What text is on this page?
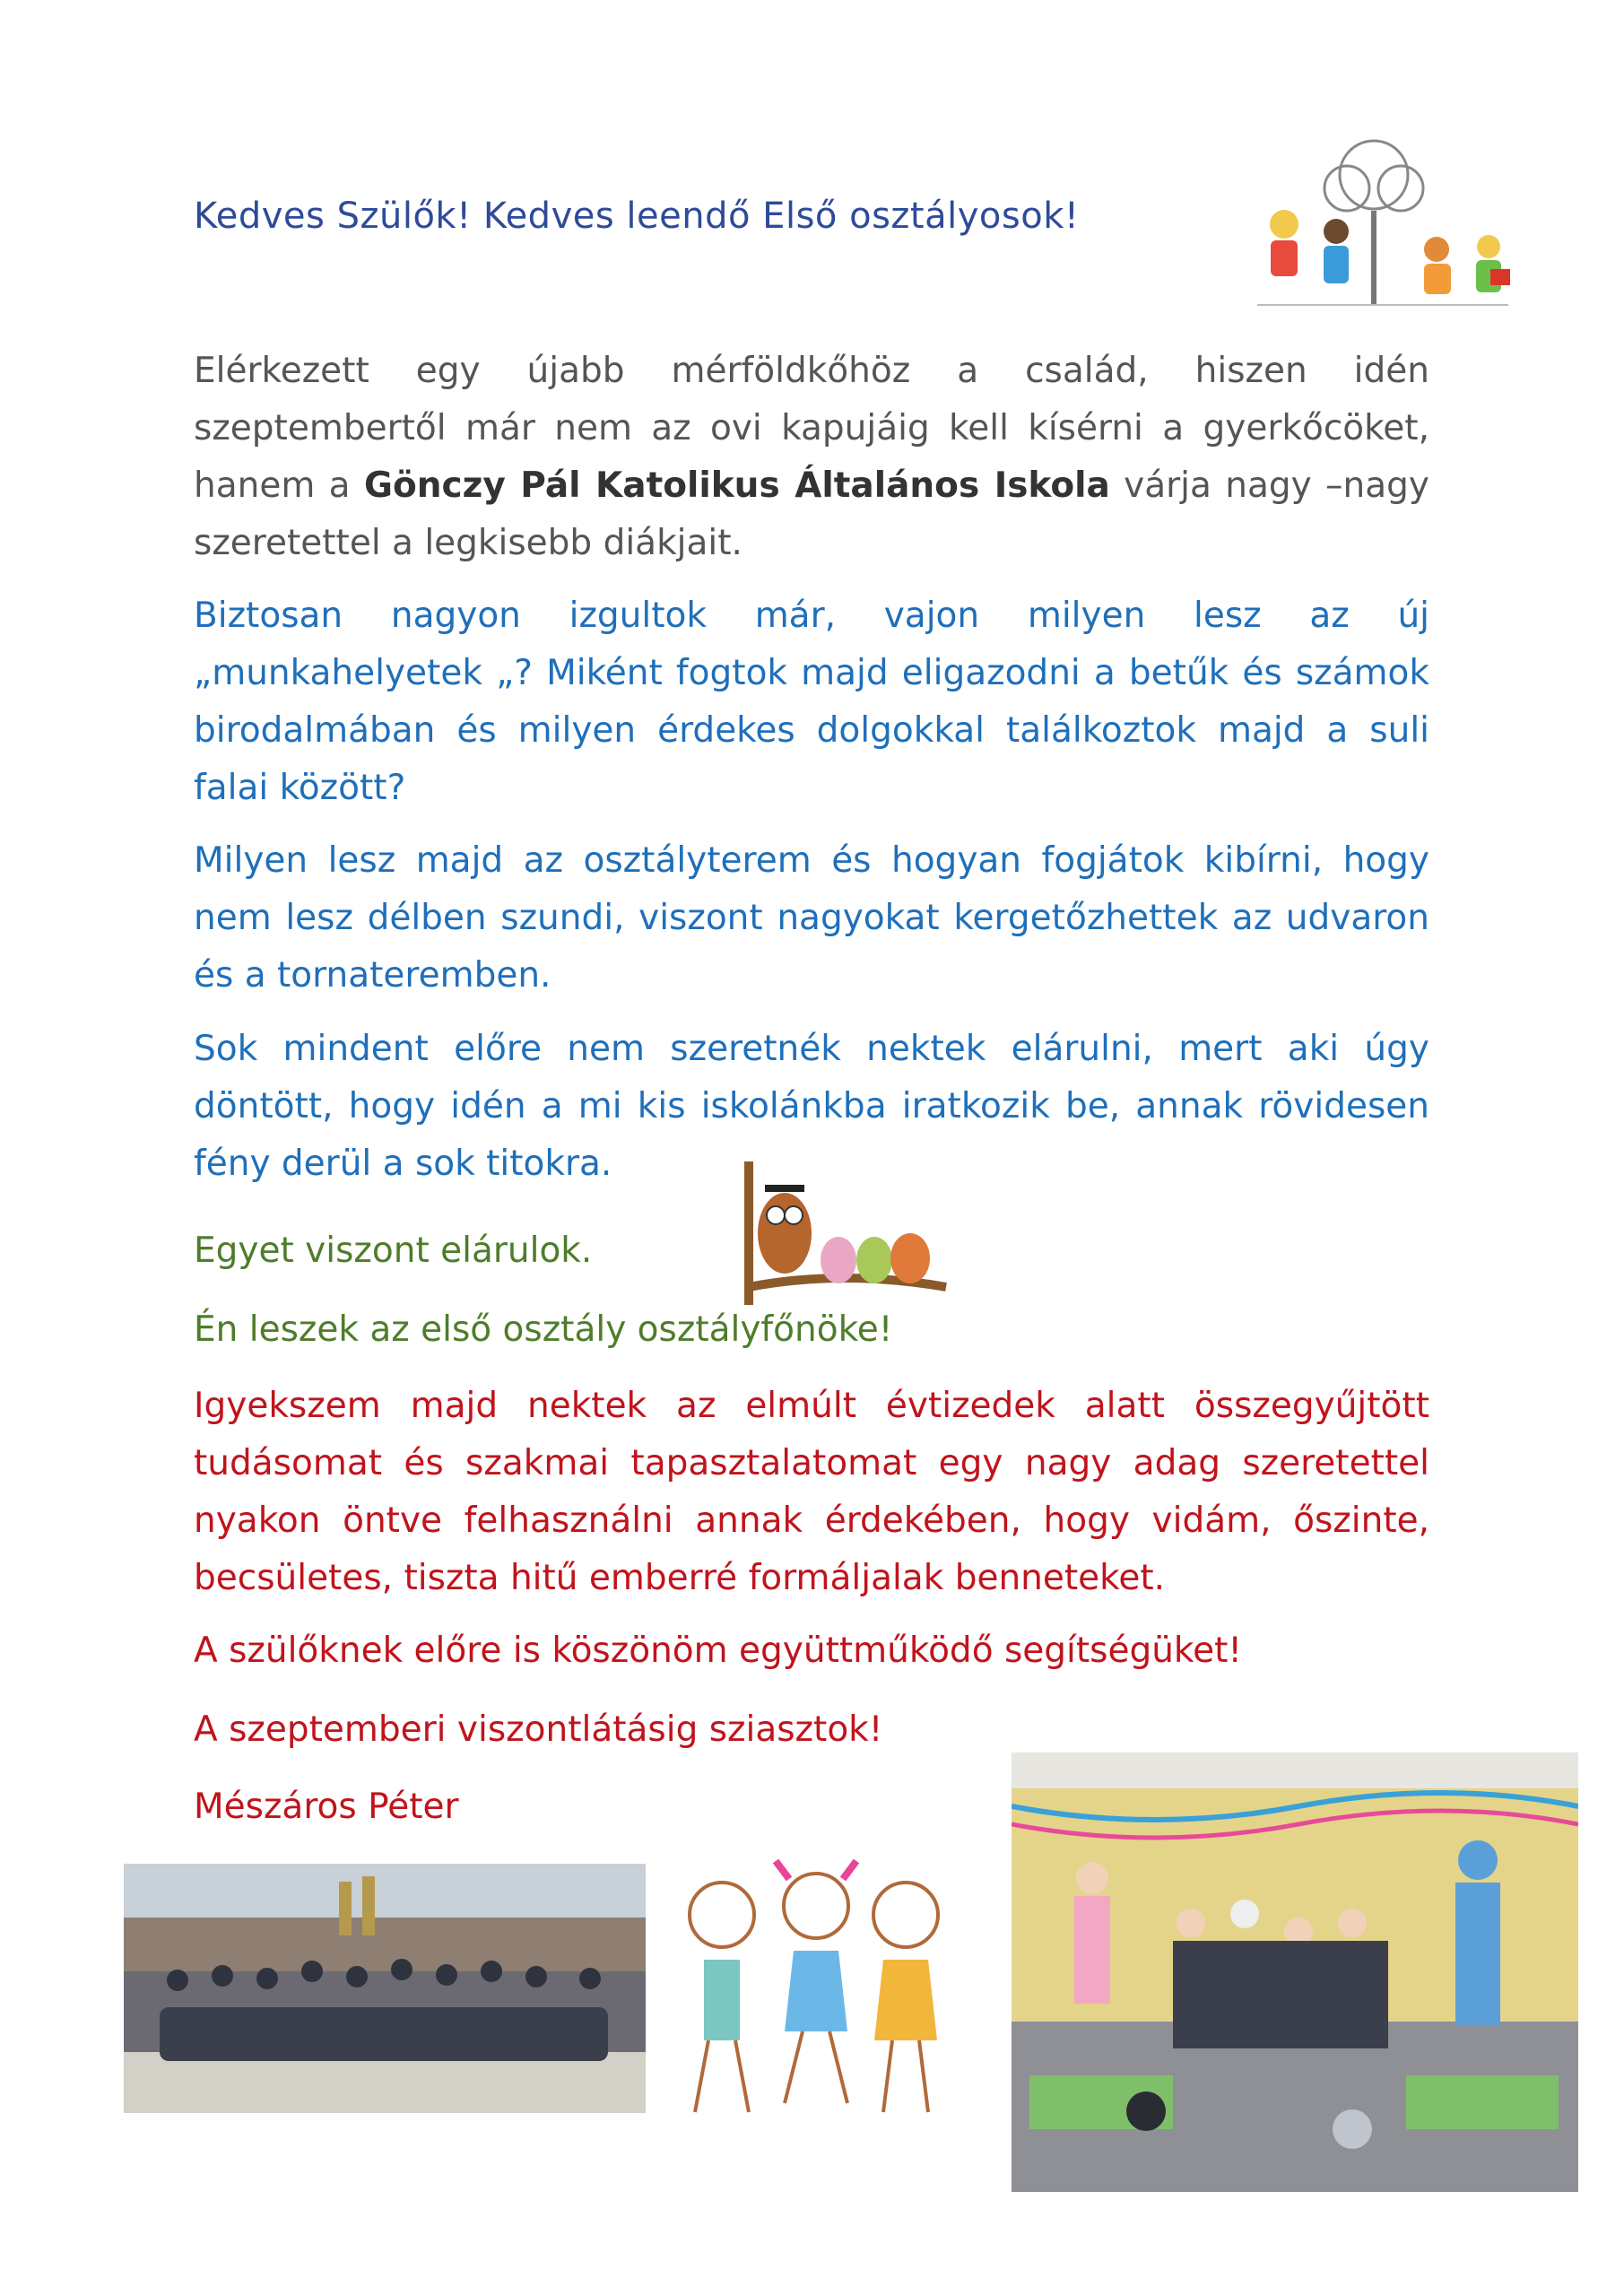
Kedves Szülők! Kedves leendő Első osztályosok!

Elérkezett egy újabb mérföldkőhöz a család, hiszen idén szeptembertől már nem az ovi kapujáig kell kísérni a gyerkőcöket, hanem a Gönczy Pál Katolikus Általános Iskola várja nagy –nagy szeretettel a legkisebb diákjait.

Biztosan nagyon izgultok már, vajon milyen lesz az új „munkahelyetek „? Miként fogtok majd eligazodni a betűk és számok birodalmában és milyen érdekes dolgokkal találkoztok majd a suli falai között?

Milyen lesz majd az osztályterem és hogyan fogjátok kibírni, hogy nem lesz délben szundi, viszont nagyokat kergetőzhettek az udvaron és a tornateremben.

Sok mindent előre nem szeretnék nektek elárulni, mert aki úgy döntött, hogy idén a mi kis iskolánkba iratkozik be, annak rövidesen fény derül a sok titokra.

Egyet viszont elárulok.
Én leszek az első osztály osztályfőnöke!

Igyekszem majd nektek az elmúlt évtizedek alatt összegyűjtött tudásomat és szakmai tapasztalatomat egy nagy adag szeretettel nyakon öntve felhasználni annak érdekében, hogy vidám, őszinte, becsületes, tiszta hitű emberré formáljalak benneteket.

A szülőknek előre is köszönöm együttműködő segítségüket!
A szeptemberi viszontlátásig sziasztok!
Mészáros Péter
